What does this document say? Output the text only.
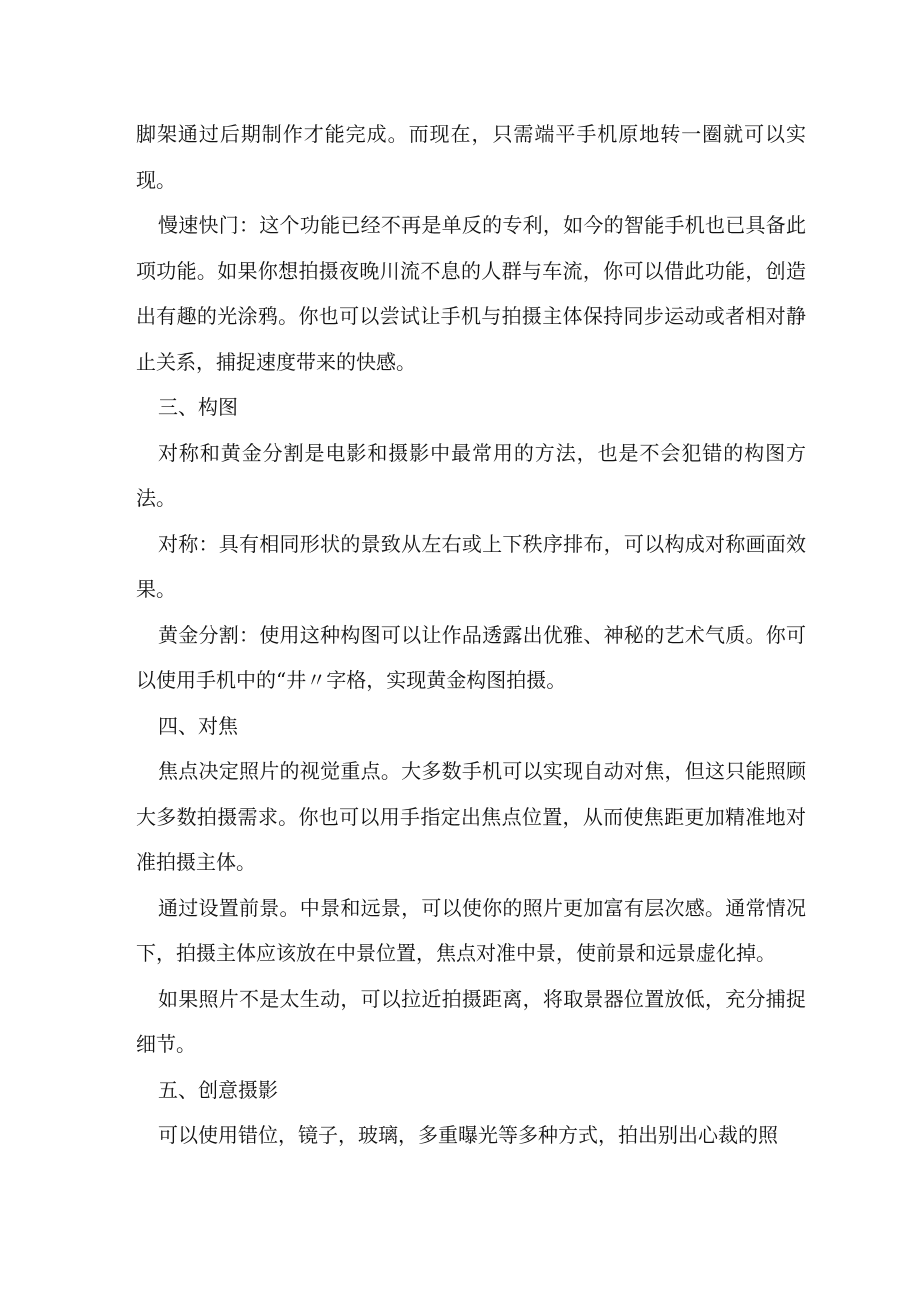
脚架通过后期制作才能完成。而现在，只需端平手机原地转一圈就可以实现。

慢速快门：这个功能已经不再是单反的专利，如今的智能手机也已具备此项功能。如果你想拍摄夜晚川流不息的人群与车流，你可以借此功能，创造出有趣的光涂鸦。你也可以尝试让手机与拍摄主体保持同步运动或者相对静止关系，捕捉速度带来的快感。

三、构图

对称和黄金分割是电影和摄影中最常用的方法，也是不会犯错的构图方法。

对称：具有相同形状的景致从左右或上下秩序排布，可以构成对称画面效果。

黄金分割：使用这种构图可以让作品透露出优雅、神秘的艺术气质。你可以使用手机中的“井〃字格，实现黄金构图拍摄。

四、对焦

焦点决定照片的视觉重点。大多数手机可以实现自动对焦，但这只能照顾大多数拍摄需求。你也可以用手指定出焦点位置，从而使焦距更加精准地对准拍摄主体。

通过设置前景。中景和远景，可以使你的照片更加富有层次感。通常情况下，拍摄主体应该放在中景位置，焦点对准中景，使前景和远景虚化掉。

如果照片不是太生动，可以拉近拍摄距离，将取景器位置放低，充分捕捉细节。

五、创意摄影

可以使用错位，镜子，玻璃，多重曝光等多种方式，拍出别出心裁的照
